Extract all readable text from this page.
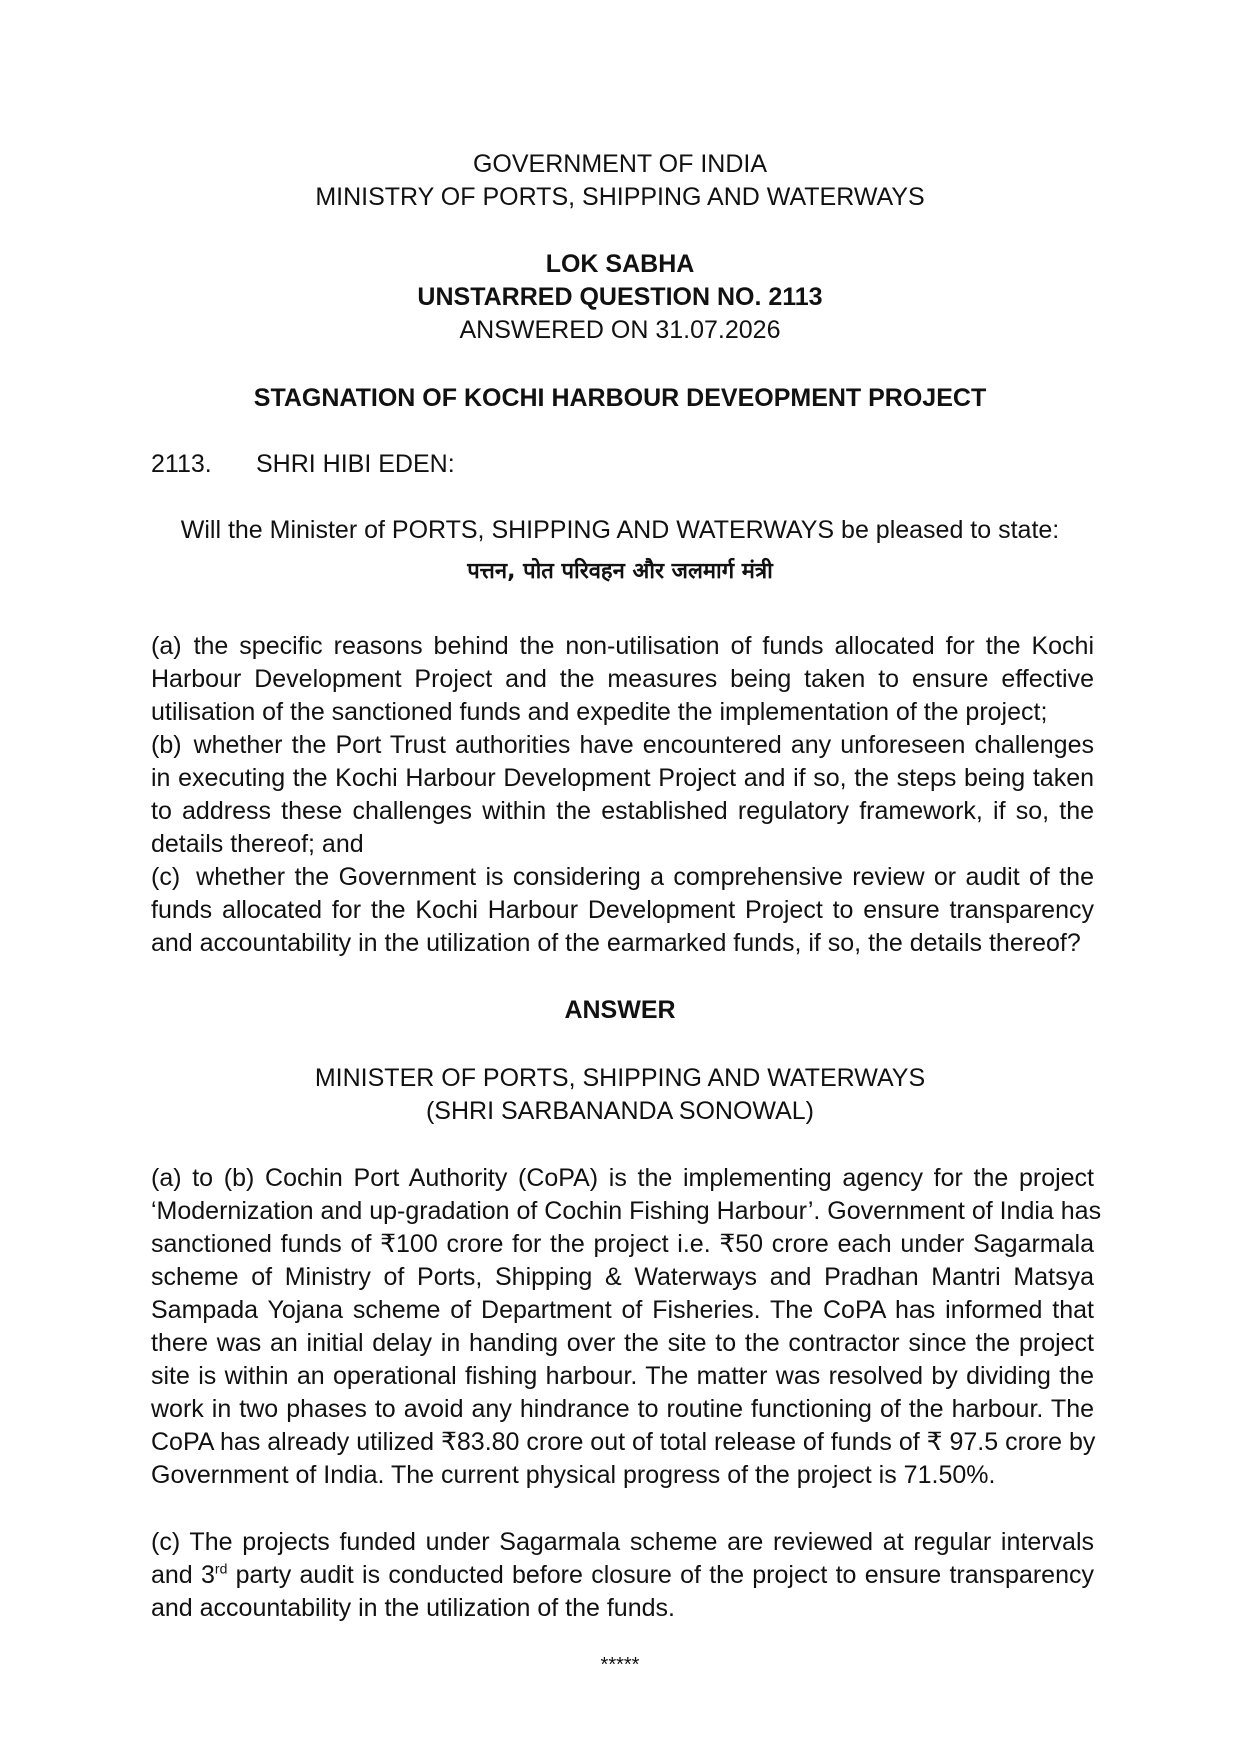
GOVERNMENT OF INDIA
MINISTRY OF PORTS, SHIPPING AND WATERWAYS
LOK SABHA
UNSTARRED QUESTION NO. 2113
ANSWERED ON 31.07.2026
STAGNATION OF KOCHI HARBOUR DEVEOPMENT PROJECT
2113. SHRI HIBI EDEN:
Will the Minister of PORTS, SHIPPING AND WATERWAYS be pleased to state:
पत्तन, पोत परिवहन और जलमार्ग मंत्री
(a) the specific reasons behind the non-utilisation of funds allocated for the Kochi
Harbour Development Project and the measures being taken to ensure effective
utilisation of the sanctioned funds and expedite the implementation of the project;
(b) whether the Port Trust authorities have encountered any unforeseen challenges
in executing the Kochi Harbour Development Project and if so, the steps being taken
to address these challenges within the established regulatory framework, if so, the
details thereof; and
(c) whether the Government is considering a comprehensive review or audit of the
funds allocated for the Kochi Harbour Development Project to ensure transparency
and accountability in the utilization of the earmarked funds, if so, the details thereof?
ANSWER
MINISTER OF PORTS, SHIPPING AND WATERWAYS
(SHRI SARBANANDA SONOWAL)
(a) to (b) Cochin Port Authority (CoPA) is the implementing agency for the project
‘Modernization and up-gradation of Cochin Fishing Harbour’. Government of India has
sanctioned funds of ₹100 crore for the project i.e. ₹50 crore each under Sagarmala
scheme of Ministry of Ports, Shipping & Waterways and Pradhan Mantri Matsya
Sampada Yojana scheme of Department of Fisheries. The CoPA has informed that
there was an initial delay in handing over the site to the contractor since the project
site is within an operational fishing harbour. The matter was resolved by dividing the
work in two phases to avoid any hindrance to routine functioning of the harbour. The
CoPA has already utilized ₹83.80 crore out of total release of funds of ₹ 97.5 crore by
Government of India. The current physical progress of the project is 71.50%.
(c) The projects funded under Sagarmala scheme are reviewed at regular intervals
and 3rd party audit is conducted before closure of the project to ensure transparency
and accountability in the utilization of the funds.
*****
